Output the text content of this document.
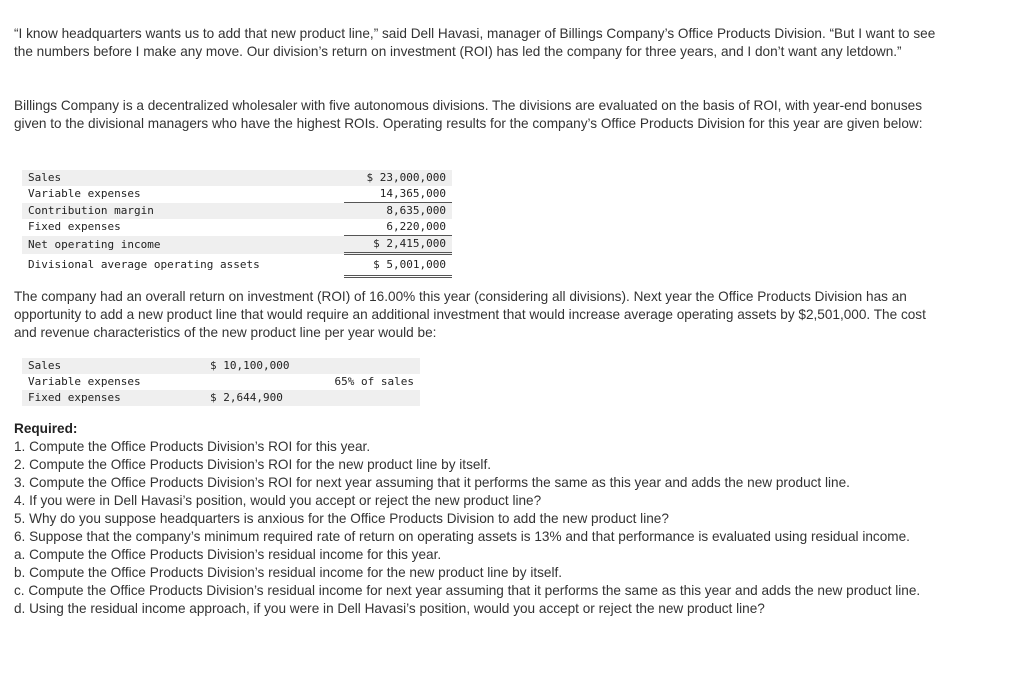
“I know headquarters wants us to add that new product line,” said Dell Havasi, manager of Billings Company’s Office Products Division. “But I want to see the numbers before I make any move. Our division’s return on investment (ROI) has led the company for three years, and I don’t want any letdown.”

Billings Company is a decentralized wholesaler with five autonomous divisions. The divisions are evaluated on the basis of ROI, with year-end bonuses given to the divisional managers who have the highest ROIs. Operating results for the company’s Office Products Division for this year are given below:

Sales	$ 23,000,000
Variable expenses	14,365,000
Contribution margin	8,635,000
Fixed expenses	6,220,000
Net operating income	$ 2,415,000
Divisional average operating assets	$ 5,001,000

The company had an overall return on investment (ROI) of 16.00% this year (considering all divisions). Next year the Office Products Division has an opportunity to add a new product line that would require an additional investment that would increase average operating assets by $2,501,000. The cost and revenue characteristics of the new product line per year would be:

Sales	$ 10,100,000	
Variable expenses		65% of sales
Fixed expenses	$ 2,644,900	
Required:

1. Compute the Office Products Division’s ROI for this year.

2. Compute the Office Products Division’s ROI for the new product line by itself.

3. Compute the Office Products Division’s ROI for next year assuming that it performs the same as this year and adds the new product line.

4. If you were in Dell Havasi’s position, would you accept or reject the new product line?

5. Why do you suppose headquarters is anxious for the Office Products Division to add the new product line?

6. Suppose that the company’s minimum required rate of return on operating assets is 13% and that performance is evaluated using residual income.

a. Compute the Office Products Division’s residual income for this year.

b. Compute the Office Products Division’s residual income for the new product line by itself.

c. Compute the Office Products Division’s residual income for next year assuming that it performs the same as this year and adds the new product line.

d. Using the residual income approach, if you were in Dell Havasi’s position, would you accept or reject the new product line?
